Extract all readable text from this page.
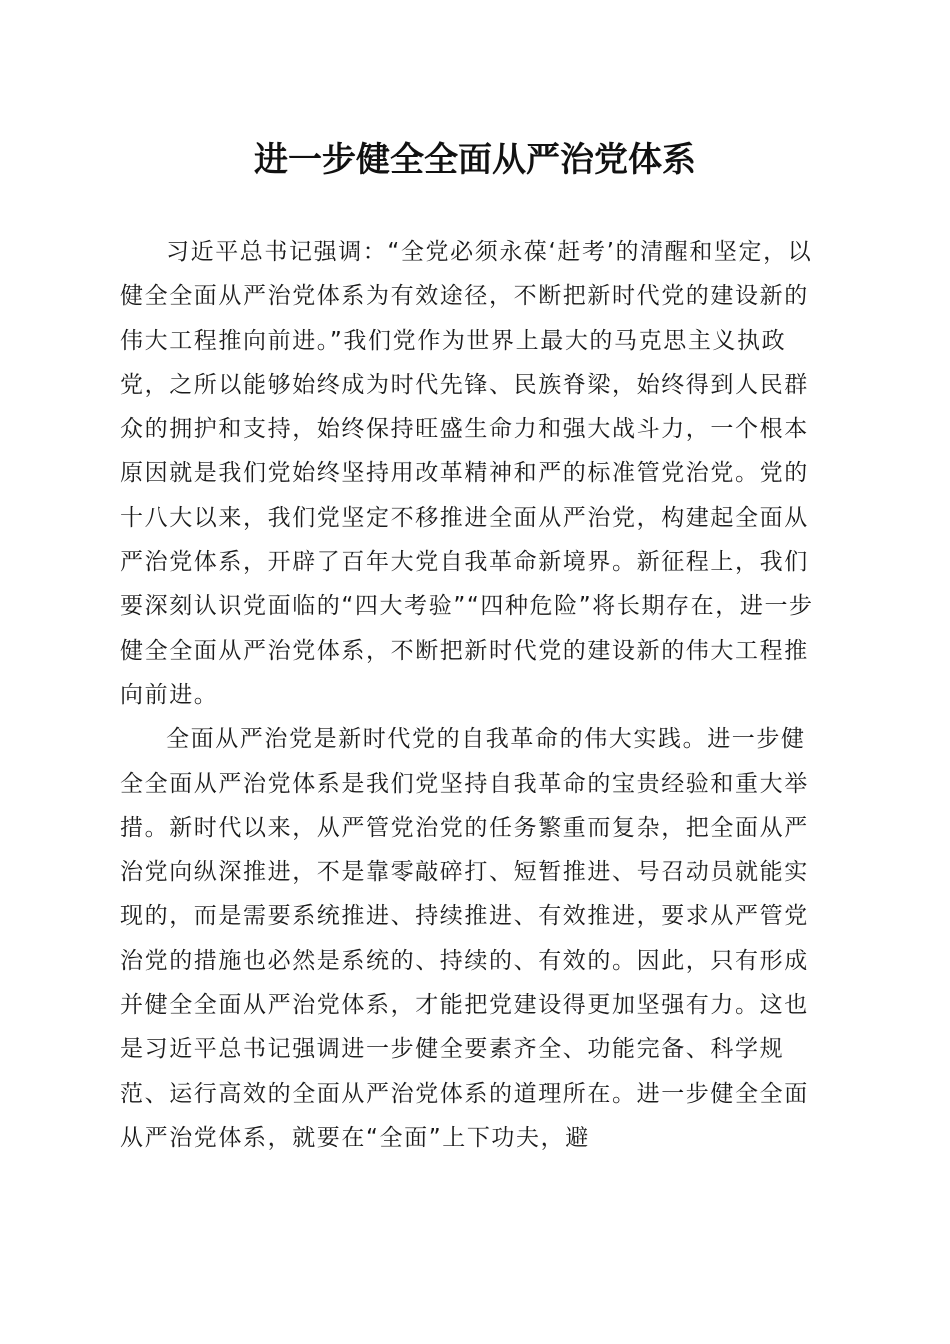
进一步健全全面从严治党体系

习近平总书记强调：“全党必须永葆‘赶考’的清醒和坚定，以健全全面从严治党体系为有效途径，不断把新时代党的建设新的伟大工程推向前进。”我们党作为世界上最大的马克思主义执政党，之所以能够始终成为时代先锋、民族脊梁，始终得到人民群众的拥护和支持，始终保持旺盛生命力和强大战斗力，一个根本原因就是我们党始终坚持用改革精神和严的标准管党治党。党的十八大以来，我们党坚定不移推进全面从严治党，构建起全面从严治党体系，开辟了百年大党自我革命新境界。新征程上，我们要深刻认识党面临的“四大考验”“四种危险”将长期存在，进一步健全全面从严治党体系，不断把新时代党的建设新的伟大工程推向前进。

全面从严治党是新时代党的自我革命的伟大实践。进一步健全全面从严治党体系是我们党坚持自我革命的宝贵经验和重大举措。新时代以来，从严管党治党的任务繁重而复杂，把全面从严治党向纵深推进，不是靠零敲碎打、短暂推进、号召动员就能实现的，而是需要系统推进、持续推进、有效推进，要求从严管党治党的措施也必然是系统的、持续的、有效的。因此，只有形成并健全全面从严治党体系，才能把党建设得更加坚强有力。这也是习近平总书记强调进一步健全要素齐全、功能完备、科学规范、运行高效的全面从严治党体系的道理所在。进一步健全全面从严治党体系，就要在“全面”上下功夫，避
